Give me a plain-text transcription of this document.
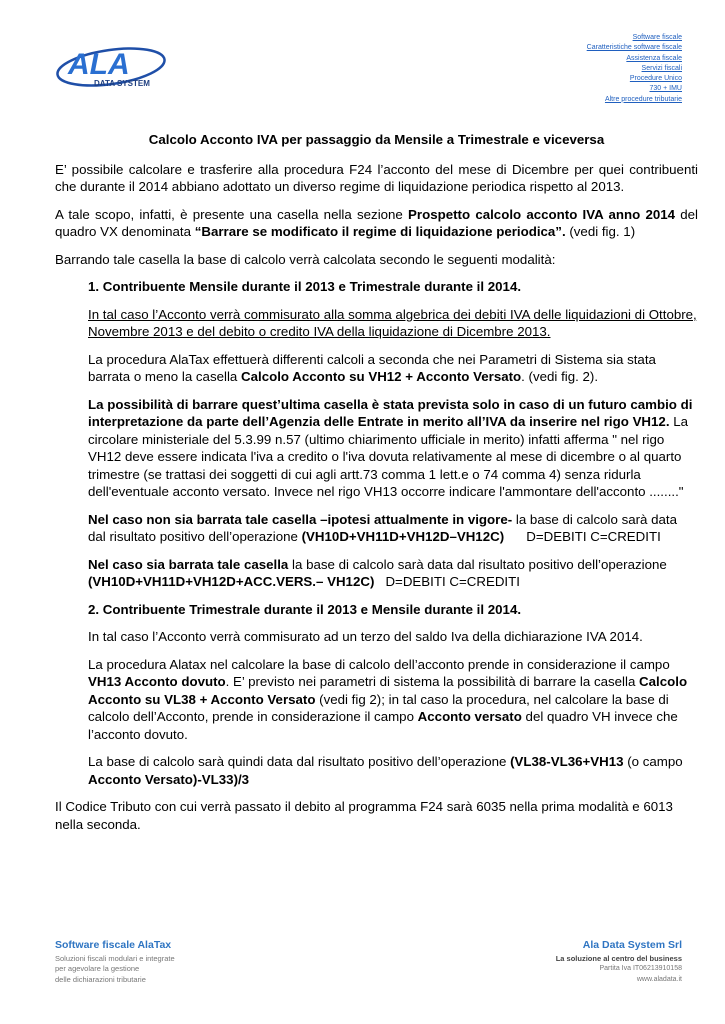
ALA
DATA SYSTEM
Software fiscale
Caratteristiche software fiscale
Assistenza fiscale
Servizi fiscali
Procedure Unico
730 + IMU
Altre procedure tributarie

Calcolo Acconto IVA per passaggio da Mensile a Trimestrale e viceversa

E’ possibile calcolare e trasferire alla procedura F24 l’acconto del mese di Dicembre per quei contribuenti che durante il 2014 abbiano adottato un diverso regime di liquidazione periodica rispetto al 2013.

A tale scopo, infatti, è presente una casella nella sezione Prospetto calcolo acconto IVA anno 2014 del quadro VX denominata “Barrare se modificato il regime di liquidazione periodica”. (vedi fig. 1)

Barrando tale casella la base di calcolo verrà calcolata secondo le seguenti modalità:

1. Contribuente Mensile durante il 2013 e Trimestrale durante il 2014.

In tal caso l’Acconto verrà commisurato alla somma algebrica dei debiti IVA delle liquidazioni di Ottobre, Novembre 2013 e del debito o credito IVA della liquidazione di Dicembre 2013.

La procedura AlaTax effettuerà differenti calcoli a seconda che nei Parametri di Sistema sia stata barrata o meno la casella Calcolo Acconto su VH12 + Acconto Versato. (vedi fig. 2).

La possibilità di barrare quest’ultima casella è stata prevista solo in caso di un futuro cambio di interpretazione da parte dell’Agenzia delle Entrate in merito all’IVA da inserire nel rigo VH12. La circolare ministeriale del 5.3.99 n.57 (ultimo chiarimento ufficiale in merito) infatti afferma " nel rigo VH12 deve essere indicata l'iva a credito o l'iva dovuta relativamente al mese di dicembre o al quarto trimestre (se trattasi dei soggetti di cui agli artt.73 comma 1 lett.e o 74 comma 4) senza ridurla dell'eventuale acconto versato. Invece nel rigo VH13 occorre indicare l'ammontare dell'acconto ........"

Nel caso non sia barrata tale casella –ipotesi attualmente in vigore- la base di calcolo sarà data dal risultato positivo dell’operazione (VH10D+VH11D+VH12D–VH12C)      D=DEBITI C=CREDITI

Nel caso sia barrata tale casella la base di calcolo sarà data dal risultato positivo dell’operazione (VH10D+VH11D+VH12D+ACC.VERS.– VH12C)   D=DEBITI C=CREDITI

2. Contribuente Trimestrale durante il 2013 e Mensile durante il 2014.

In tal caso l’Acconto verrà commisurato ad un terzo del saldo Iva della dichiarazione IVA 2014.

La procedura Alatax nel calcolare la base di calcolo dell’acconto prende in considerazione il campo VH13 Acconto dovuto. E’ previsto nei parametri di sistema la possibilità di barrare la casella Calcolo Acconto su VL38 + Acconto Versato (vedi fig 2); in tal caso la procedura, nel calcolare la base di calcolo dell’Acconto, prende in considerazione il campo Acconto versato del quadro VH invece che l’acconto dovuto.

La base di calcolo sarà quindi data dal risultato positivo dell’operazione (VL38-VL36+VH13 (o campo Acconto Versato)-VL33)/3

Il Codice Tributo con cui verrà passato il debito al programma F24 sarà 6035 nella prima modalità e 6013 nella seconda.

Software fiscale AlaTax
Soluzioni fiscali modulari e integrate
per agevolare la gestione
delle dichiarazioni tributarie
Ala Data System Srl
La soluzione al centro del business
Partita Iva IT06213910158
www.aladata.it
